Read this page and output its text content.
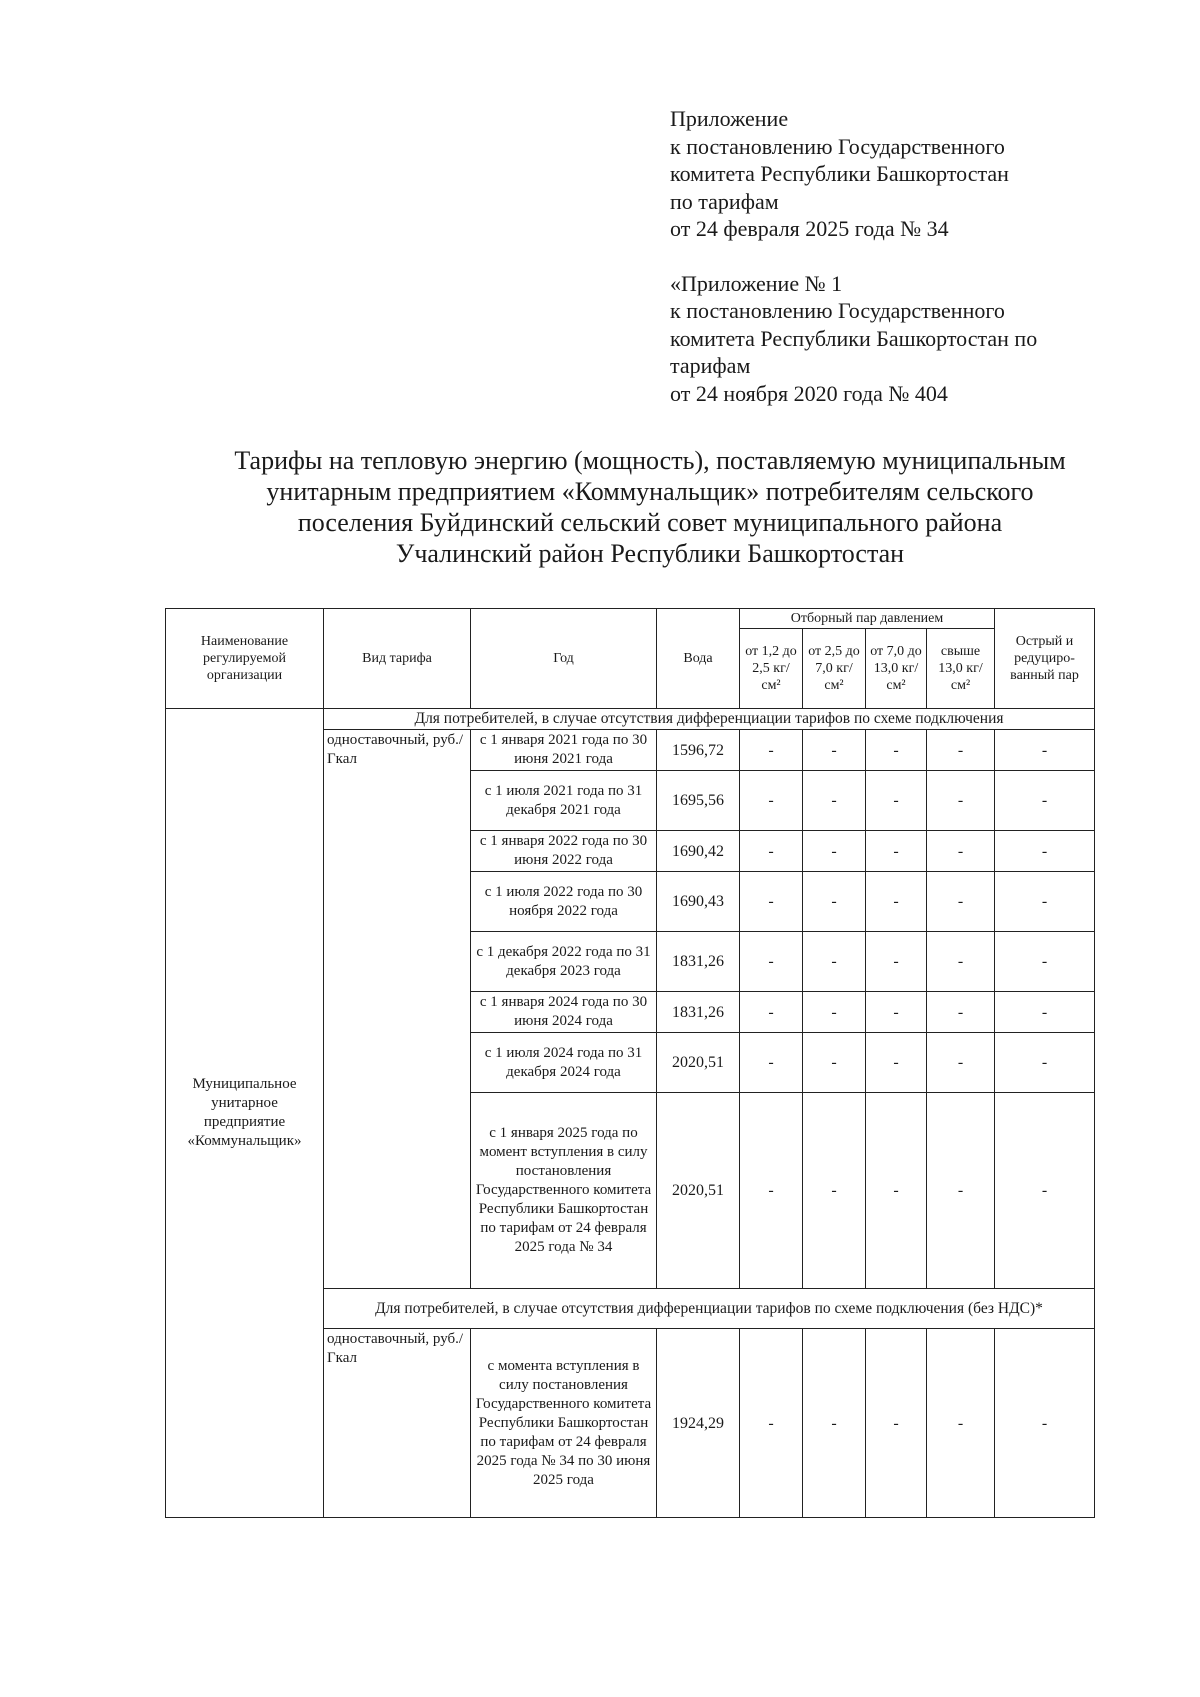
Приложение
к постановлению Государственного
комитета Республики Башкортостан
по тарифам
от 24 февраля 2025 года № 34
«Приложение № 1
к постановлению Государственного
комитета Республики Башкортостан по
тарифам
от 24 ноября 2020 года № 404
Тарифы на тепловую энергию (мощность), поставляемую муниципальным
унитарным предприятием «Коммунальщик» потребителям сельского
поселения Буйдинский сельский совет муниципального района
Учалинский район Республики Башкортостан
Наименование регулируемой организации	Вид тарифа	Год	Вода	Отборный пар давлением				Острый и редуциро-ванный пар
				от 1,2 до 2,5 кг/см²	от 2,5 до 7,0 кг/см²	от 7,0 до 13,0 кг/см²	свыше 13,0 кг/см²	
Муниципальное унитарное предприятие «Коммунальщик»	Для потребителей, в случае отсутствия дифференциации тарифов по схеме подключения							
	одноставочный, руб./Гкал	с 1 января 2021 года по 30 июня 2021 года	1596,72	-	-	-	-	-
		с 1 июля 2021 года по 31 декабря 2021 года	1695,56	-	-	-	-	-
		с 1 января 2022 года по 30 июня 2022 года	1690,42	-	-	-	-	-
		с 1 июля 2022 года по 30 ноября 2022 года	1690,43	-	-	-	-	-
		с 1 декабря 2022 года по 31 декабря 2023 года	1831,26	-	-	-	-	-
		с 1 января 2024 года по 30 июня 2024 года	1831,26	-	-	-	-	-
		с 1 июля 2024 года по 31 декабря 2024 года	2020,51	-	-	-	-	-
		с 1 января 2025 года по момент вступления в силу постановления Государственного комитета Республики Башкортостан по тарифам от 24 февраля 2025 года № 34	2020,51	-	-	-	-	-
	Для потребителей, в случае отсутствия дифференциации тарифов по схеме подключения (без НДС)*							
	одноставочный, руб./Гкал	с момента вступления в силу постановления Государственного комитета Республики Башкортостан по тарифам от 24 февраля 2025 года № 34 по 30 июня 2025 года	1924,29	-	-	-	-	-
